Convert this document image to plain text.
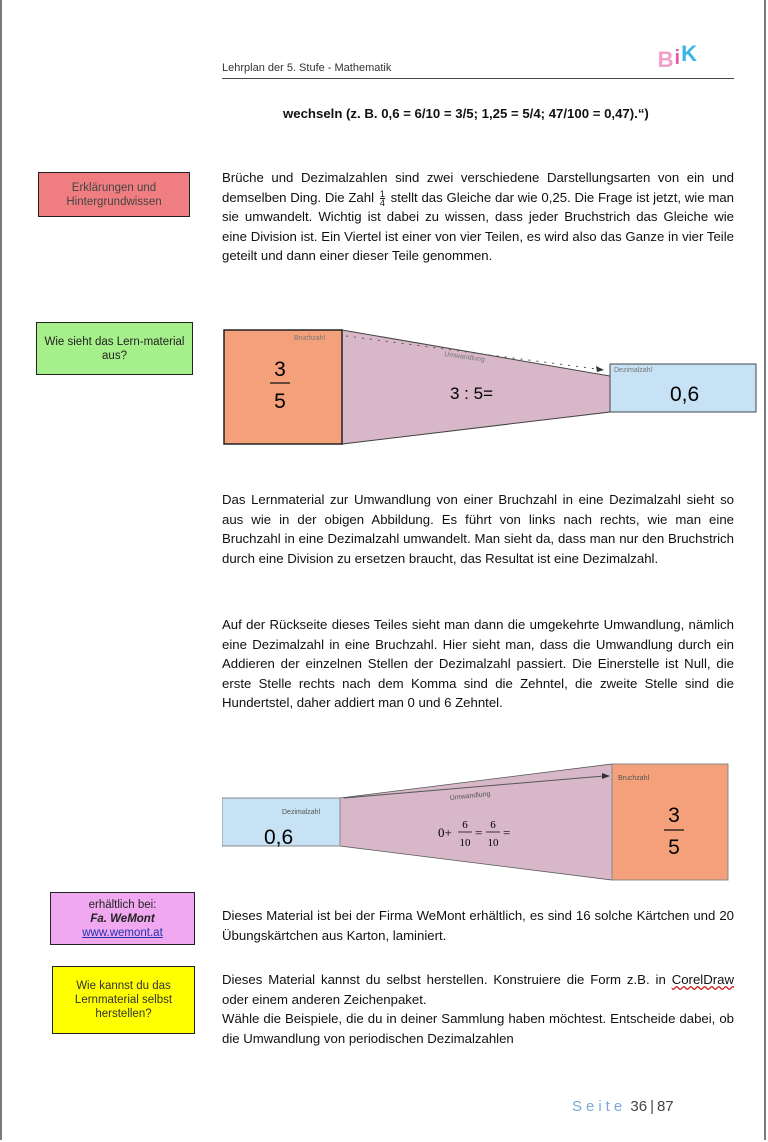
Lehrplan der 5. Stufe - Mathematik	BiK
wechseln (z. B. 0,6 = 6/10 = 3/5; 1,25 = 5/4; 47/100 = 0,47).“)
Erklärungen und Hintergrundwissen
Brüche und Dezimalzahlen sind zwei verschiedene Darstellungsarten von ein und demselben Ding. Die Zahl $\frac{1}{4}$ stellt das Gleiche dar wie 0,25. Die Frage ist jetzt, wie man sie umwandelt. Wichtig ist dabei zu wissen, dass jeder Bruchstrich das Gleiche wie eine Division ist. Ein Viertel ist einer von vier Teilen, es wird also das Ganze in vier Teile geteilt und dann einer dieser Teile genommen.
Wie sieht das Lern-material aus?
Bruchzahl
3
5
Umwandlung
3 : 5=
Dezimalzahl
0,6
Das Lernmaterial zur Umwandlung von einer Bruchzahl in eine Dezimalzahl sieht so aus wie in der obigen Abbildung. Es führt von links nach rechts, wie man eine Bruchzahl in eine Dezimalzahl umwandelt. Man sieht da, dass man nur den Bruchstrich durch eine Division zu ersetzen braucht, das Resultat ist eine Dezimalzahl.
Auf der Rückseite dieses Teiles sieht man dann die umgekehrte Umwandlung, nämlich eine Dezimalzahl in eine Bruchzahl. Hier sieht man, dass die Umwandlung durch ein Addieren der einzelnen Stellen der Dezimalzahl passiert. Die Einerstelle ist Null, die erste Stelle rechts nach dem Komma sind die Zehntel, die zweite Stelle sind die Hundertstel, daher addiert man 0 und 6 Zehntel.
Dezimalzahl
0,6
Umwandlung
0+ 6
10
= 6
10
=
Bruchzahl
3
5
erhältlich bei:
Fa. WeMont
www.wemont.at
Dieses Material ist bei der Firma WeMont erhältlich, es sind 16 solche Kärtchen und 20 Übungskärtchen aus Karton, laminiert.
Wie kannst du das Lernmaterial selbst herstellen?
Dieses Material kannst du selbst herstellen. Konstruiere die Form z.B. in CorelDraw oder einem anderen Zeichenpaket.
Wähle die Beispiele, die du in deiner Sammlung haben möchtest. Entscheide dabei, ob die Umwandlung von periodischen Dezimalzahlen
Seite 36 | 87
